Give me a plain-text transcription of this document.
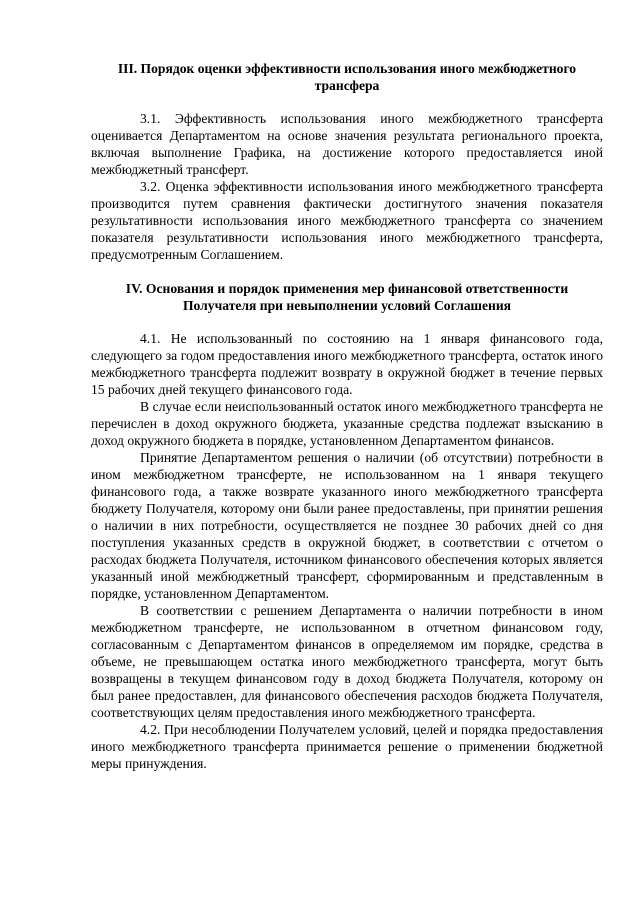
III. Порядок оценки эффективности использования иного межбюджетного трансфера

3.1. Эффективность использования иного межбюджетного трансферта оценивается Департаментом на основе значения результата регионального проекта, включая выполнение Графика, на достижение которого предоставляется иной межбюджетный трансферт.

3.2. Оценка эффективности использования иного межбюджетного трансферта производится путем сравнения фактически достигнутого значения показателя результативности использования иного межбюджетного трансферта со значением показателя результативности использования иного межбюджетного трансферта, предусмотренным Соглашением.

IV. Основания и порядок применения мер финансовой ответственности Получателя при невыполнении условий Соглашения

4.1. Не использованный по состоянию на 1 января финансового года, следующего за годом предоставления иного межбюджетного трансферта, остаток иного межбюджетного трансферта подлежит возврату в окружной бюджет в течение первых 15 рабочих дней текущего финансового года.

В случае если неиспользованный остаток иного межбюджетного трансферта не перечислен в доход окружного бюджета, указанные средства подлежат взысканию в доход окружного бюджета в порядке, установленном Департаментом финансов.

Принятие Департаментом решения о наличии (об отсутствии) потребности в ином межбюджетном трансферте, не использованном на 1 января текущего финансового года, а также возврате указанного иного межбюджетного трансферта бюджету Получателя, которому они были ранее предоставлены, при принятии решения о наличии в них потребности, осуществляется не позднее 30 рабочих дней со дня поступления указанных средств в окружной бюджет, в соответствии с отчетом о расходах бюджета Получателя, источником финансового обеспечения которых является указанный иной межбюджетный трансферт, сформированным и представленным в порядке, установленном Департаментом.

В соответствии с решением Департамента о наличии потребности в ином межбюджетном трансферте, не использованном в отчетном финансовом году, согласованным с Департаментом финансов в определяемом им порядке, средства в объеме, не превышающем остатка иного межбюджетного трансферта, могут быть возвращены в текущем финансовом году в доход бюджета Получателя, которому он был ранее предоставлен, для финансового обеспечения расходов бюджета Получателя, соответствующих целям предоставления иного межбюджетного трансферта.

4.2. При несоблюдении Получателем условий, целей и порядка предоставления иного межбюджетного трансферта принимается решение о применении бюджетной меры принуждения.
